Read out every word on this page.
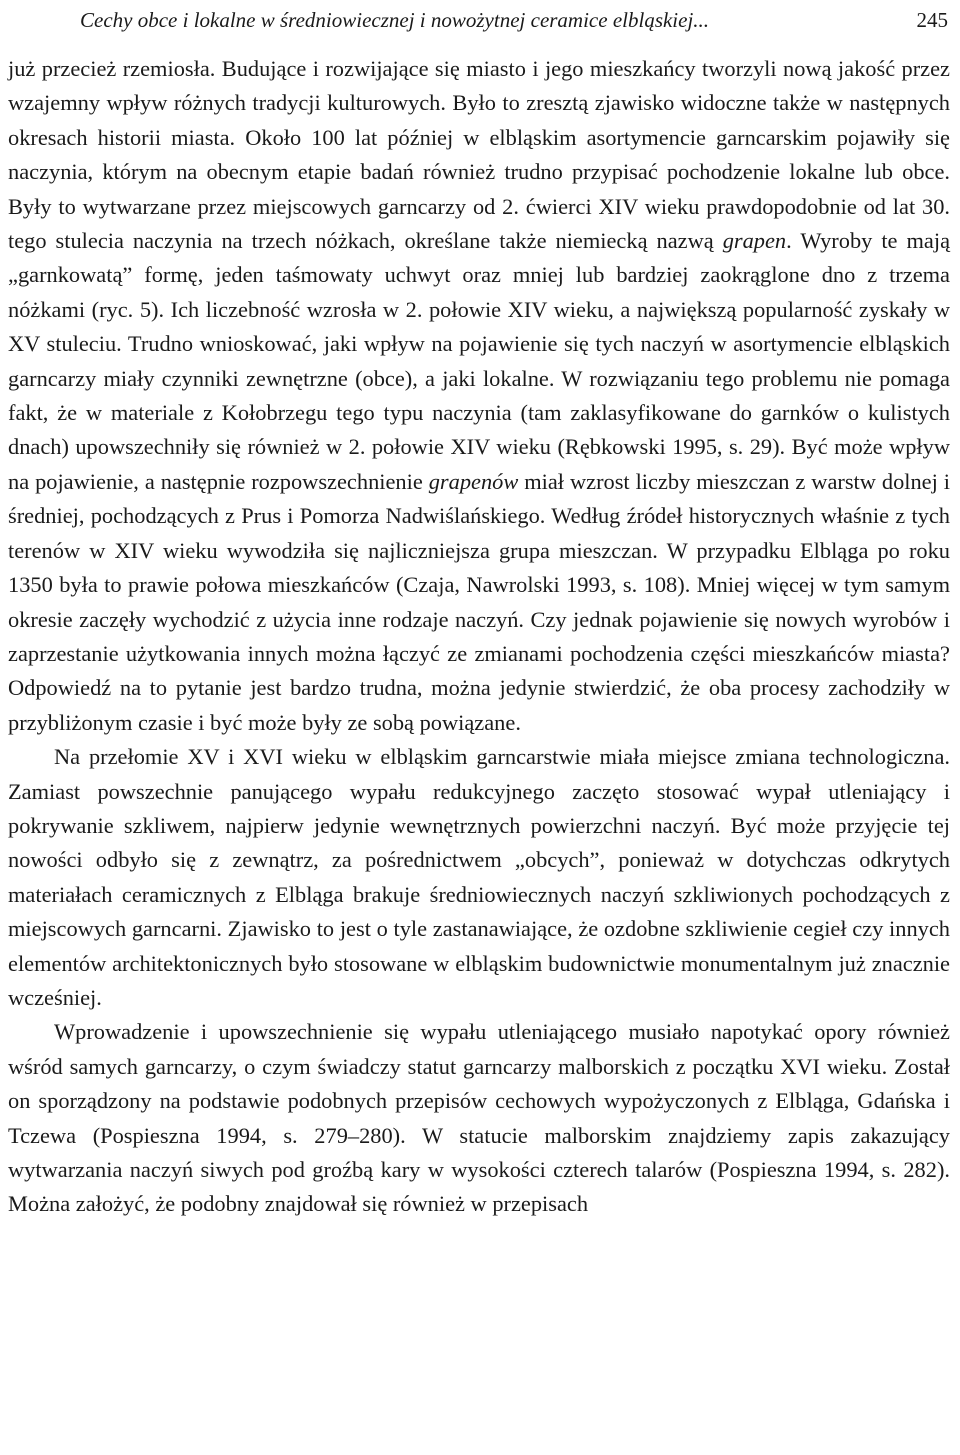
Cechy obce i lokalne w średniowiecznej i nowożytnej ceramice elbląskiej...	245

już przecież rzemiosła. Budujące i rozwijające się miasto i jego mieszkańcy tworzyli nową jakość przez wzajemny wpływ różnych tradycji kulturowych. Było to zresztą zjawisko widoczne także w następnych okresach historii miasta. Około 100 lat później w elbląskim asortymencie garncarskim pojawiły się naczynia, którym na obecnym etapie badań również trudno przypisać pochodzenie lokalne lub obce. Były to wytwarzane przez miejscowych garncarzy od 2. ćwierci XIV wieku prawdopodobnie od lat 30. tego stulecia naczynia na trzech nóżkach, określane także niemiecką nazwą grapen. Wyroby te mają „garnkowatą” formę, jeden taśmowaty uchwyt oraz mniej lub bardziej zaokrąglone dno z trzema nóżkami (ryc. 5). Ich liczebność wzrosła w 2. połowie XIV wieku, a największą popularność zyskały w XV stuleciu. Trudno wnioskować, jaki wpływ na pojawienie się tych naczyń w asortymencie elbląskich garncarzy miały czynniki zewnętrzne (obce), a jaki lokalne. W rozwiązaniu tego problemu nie pomaga fakt, że w materiale z Kołobrzegu tego typu naczynia (tam zaklasyfikowane do garnków o kulistych dnach) upowszechniły się również w 2. połowie XIV wieku (Rębkowski 1995, s. 29). Być może wpływ na pojawienie, a następnie rozpowszechnienie grapenów miał wzrost liczby mieszczan z warstw dolnej i średniej, pochodzących z Prus i Pomorza Nadwiślańskiego. Według źródeł historycznych właśnie z tych terenów w XIV wieku wywodziła się najliczniejsza grupa mieszczan. W przypadku Elbląga po roku 1350 była to prawie połowa mieszkańców (Czaja, Nawrolski 1993, s. 108). Mniej więcej w tym samym okresie zaczęły wychodzić z użycia inne rodzaje naczyń. Czy jednak pojawienie się nowych wyrobów i zaprzestanie użytkowania innych można łączyć ze zmianami pochodzenia części mieszkańców miasta? Odpowiedź na to pytanie jest bardzo trudna, można jedynie stwierdzić, że oba procesy zachodziły w przybliżonym czasie i być może były ze sobą powiązane.

Na przełomie XV i XVI wieku w elbląskim garncarstwie miała miejsce zmiana technologiczna. Zamiast powszechnie panującego wypału redukcyjnego zaczęto stosować wypał utleniający i pokrywanie szkliwem, najpierw jedynie wewnętrznych powierzchni naczyń. Być może przyjęcie tej nowości odbyło się z zewnątrz, za pośrednictwem „obcych”, ponieważ w dotychczas odkrytych materiałach ceramicznych z Elbląga brakuje średniowiecznych naczyń szkliwionych pochodzących z miejscowych garncarni. Zjawisko to jest o tyle zastanawiające, że ozdobne szkliwienie cegieł czy innych elementów architektonicznych było stosowane w elbląskim budownictwie monumentalnym już znacznie wcześniej.

Wprowadzenie i upowszechnienie się wypału utleniającego musiało napotykać opory również wśród samych garncarzy, o czym świadczy statut garncarzy malborskich z początku XVI wieku. Został on sporządzony na podstawie podobnych przepisów cechowych wypożyczonych z Elbląga, Gdańska i Tczewa (Pospieszna 1994, s. 279–280). W statucie malborskim znajdziemy zapis zakazujący wytwarzania naczyń siwych pod groźbą kary w wysokości czterech talarów (Pospieszna 1994, s. 282). Można założyć, że podobny znajdował się również w przepisach
